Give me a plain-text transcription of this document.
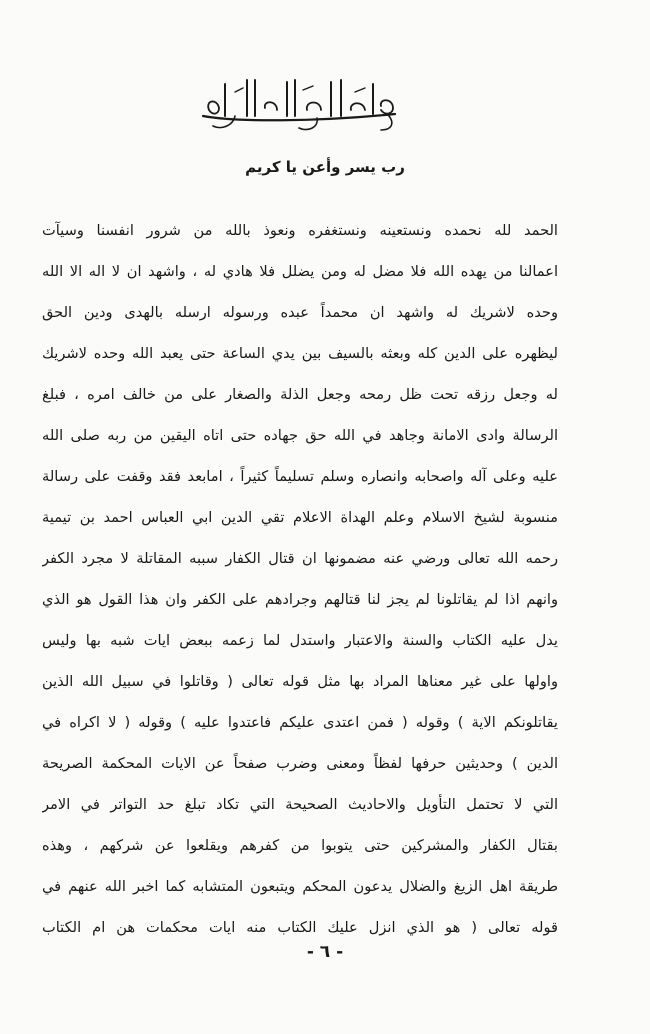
رب يسر وأعن يا كريم
الحمد لله نحمده ونستعينه ونستغفره ونعوذ بالله من شرور انفسنا وسيآت
اعمالنا من يهده الله فلا مضل له ومن يضلل فلا هادي له ، واشهد ان لا اله الا الله
وحده لاشريك له واشهد ان محمداً عبده ورسوله ارسله بالهدى ودين الحق
ليظهره على الدين كله وبعثه بالسيف بين يدي الساعة حتى يعبد الله وحده لاشريك
له وجعل رزقه تحت ظل رمحه وجعل الذلة والصغار على من خالف امره ، فبلغ
الرسالة وادى الامانة وجاهد في الله حق جهاده حتى اتاه اليقين من ربه صلى الله
عليه وعلى آله واصحابه وانصاره وسلم تسليماً كثيراً ، امابعد فقد وقفت على رسالة
منسوبة لشيخ الاسلام وعلم الهداة الاعلام تقي الدين ابي العباس احمد بن تيمية
رحمه الله تعالى ورضي عنه مضمونها ان قتال الكفار سببه المقاتلة لا مجرد الكفر
وانهم اذا لم يقاتلونا لم يجز لنا قتالهم وجرادهم على الكفر وان هذا القول هو الذي
يدل عليه الكتاب والسنة والاعتبار واستدل لما زعمه ببعض ايات شبه بها وليس
واولها على غير معناها المراد بها مثل قوله تعالى ( وقاتلوا في سبيل الله الذين
يقاتلونكم الاية ) وقوله ( فمن اعتدى عليكم فاعتدوا عليه ) وقوله ( لا اكراه في
الدين ) وحديثين حرفها لفظاً ومعنى وضرب صفحاً عن الايات المحكمة الصريحة
التي لا تحتمل التأويل والاحاديث الصحيحة التي تكاد تبلغ حد التواتر في الامر
بقتال الكفار والمشركين حتى يتوبوا من كفرهم ويقلعوا عن شركهم ، وهذه
طريقة اهل الزيغ والضلال يدعون المحكم ويتبعون المتشابه كما اخبر الله عنهم في
قوله تعالى ( هو الذي انزل عليك الكتاب منه ايات محكمات هن ام الكتاب
- ٦ -
